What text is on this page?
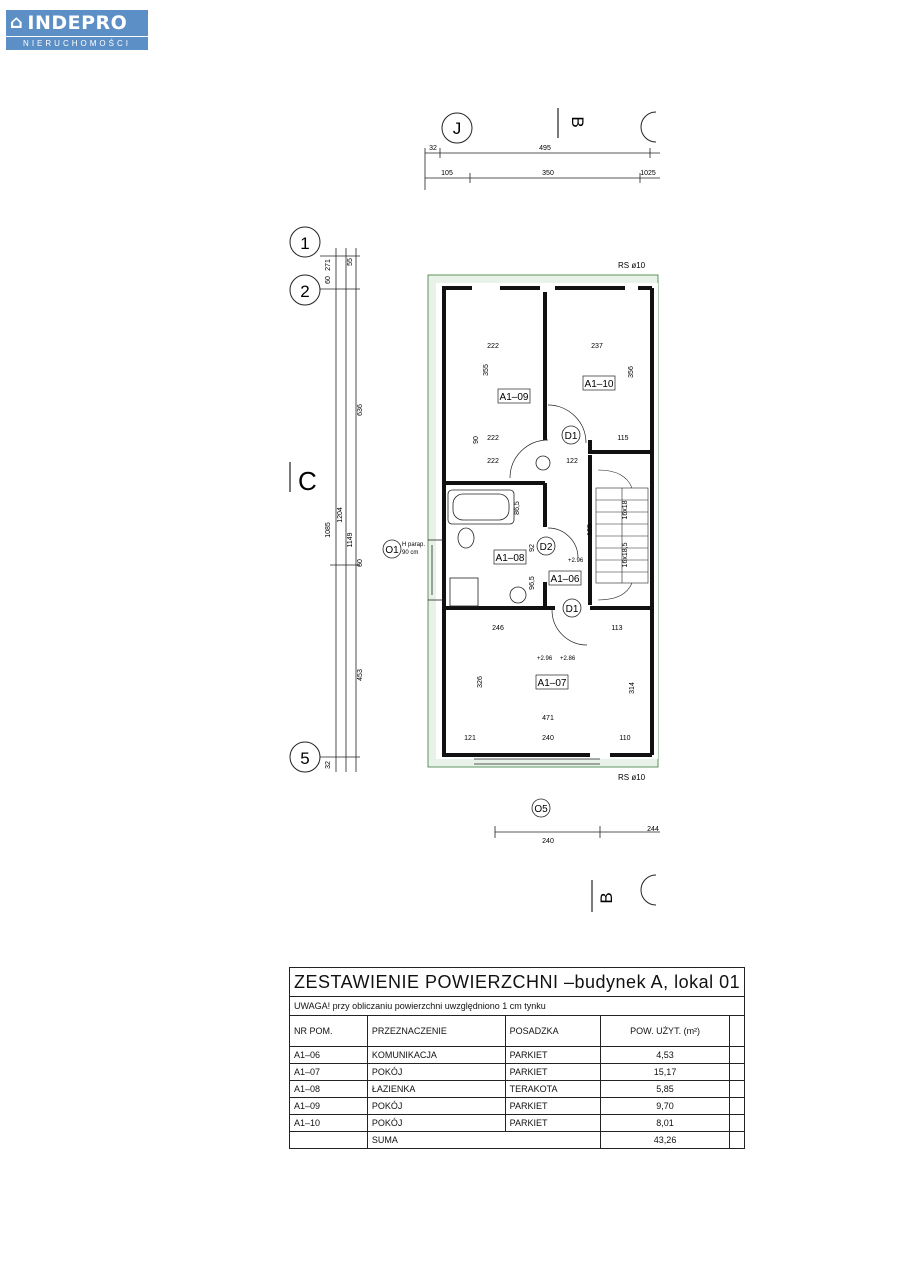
⌂ INDEPRO
NIERUCHOMOŚCI
J
1
2
5
B
C
B
A1–09
A1–10
A1–08
A1–06
A1–07
D1
D2
D1
O1
O5
H parap.
90 cm
RS ø10
RS ø10
+2.96
+2.96 +2.86
32	495
105	350	1025
271
60
55
636
1085
1204
1149
60
453
32
222	237
355	356
90 222	115
222	122
86,5
92
96,5
246	113
326
314
471
121	240	110
16x18
16x18,5
125
240
244
ZESTAWIENIE POWIERZCHNI –budynek A, lokal 01				
UWAGA! przy obliczaniu powierzchni uwzględniono 1 cm tynku				
NR POM.	PRZEZNACZENIE	POSADZKA	POW. UŻYT. (m²)	
A1–06	KOMUNIKACJA	PARKIET	4,53	
A1–07	POKÓJ	PARKIET	15,17	
A1–08	ŁAZIENKA	TERAKOTA	5,85	
A1–09	POKÓJ	PARKIET	9,70	
A1–10	POKÓJ	PARKIET	8,01	
	SUMA		43,26	
